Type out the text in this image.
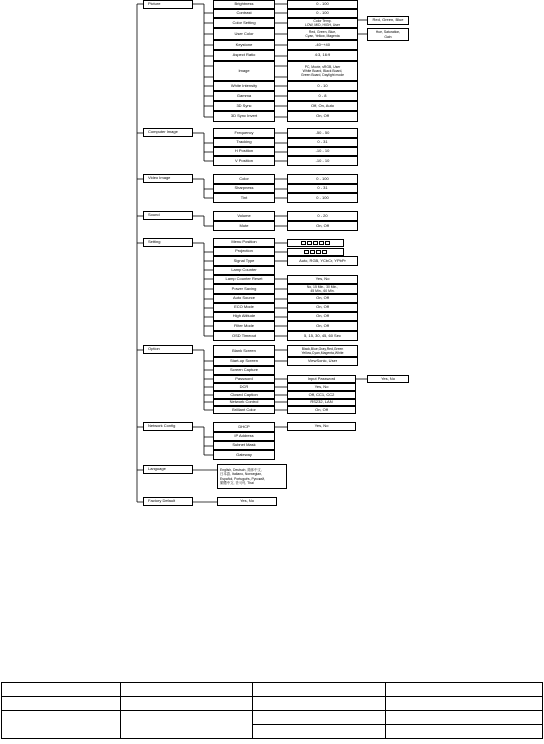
Picture
Computer Image
Video Image
Sound
Setting
Option
Network Config
Language
Factory Default
Brightness
Contrast
Color Setting
User Color
Keystone
Aspect Ratio
Image
White Intensity
Gamma
3D Sync
3D Sync Invert
0 - 100
0 - 100
Color Temp.
LOW, MID, HIGH, User
Red, Green, Blue,
Cyan, Yellow, Magenta
-40~+40
4:3, 16:9
PC, Movie, sRGB, User
White Board, Black Board,
Green Board, Daylight mode
0 - 10
0 - 8
Off, On, Auto
On, Off
Red, Green, Blue
Hue, Saturation,
Gain
Frequency
Tracking
H Position
V Position
-50 - 50
0 - 31
-10 - 10
-10 - 10
Color
Sharpness
Tint
0 - 100
0 - 31
0 - 100
Volume
Mute
0 - 20
On, Off
Menu Position
Projection
Signal Type
Lamp Counter
Lamp Counter Reset
Power Saving
Auto Source
ECO Mode
High Altitude
Filter Mode
OSD Timeout
Auto, RGB, YCbCr, YPbPr
Yes, No
No, 15 Min., 30 Min.,
45 Min., 60 Min.
On, Off
On, Off
On, Off
On, Off
5, 15, 30, 45, 60 Sec
Blank Screen
Start-up Screen
Screen Capture
Password
DCR
Closed Caption
Network Control
Brilliant Color
Black,Blue,Gray,Red,Green
Yellow,Cyan,Magenta,White
ViewSonic, User
Input Password	Yes, No
Yes, No
Off, CC1, CC2
RS232, LAN
On, Off
DHCP
IP Address
Subnet Mask
Gateway
Yes, No
English, Deutsch, 简体中文,
日本語, Italiano, Norwegian,
Español, Português, Русский,
繁體中文, 한국어, Thai
Yes, No
